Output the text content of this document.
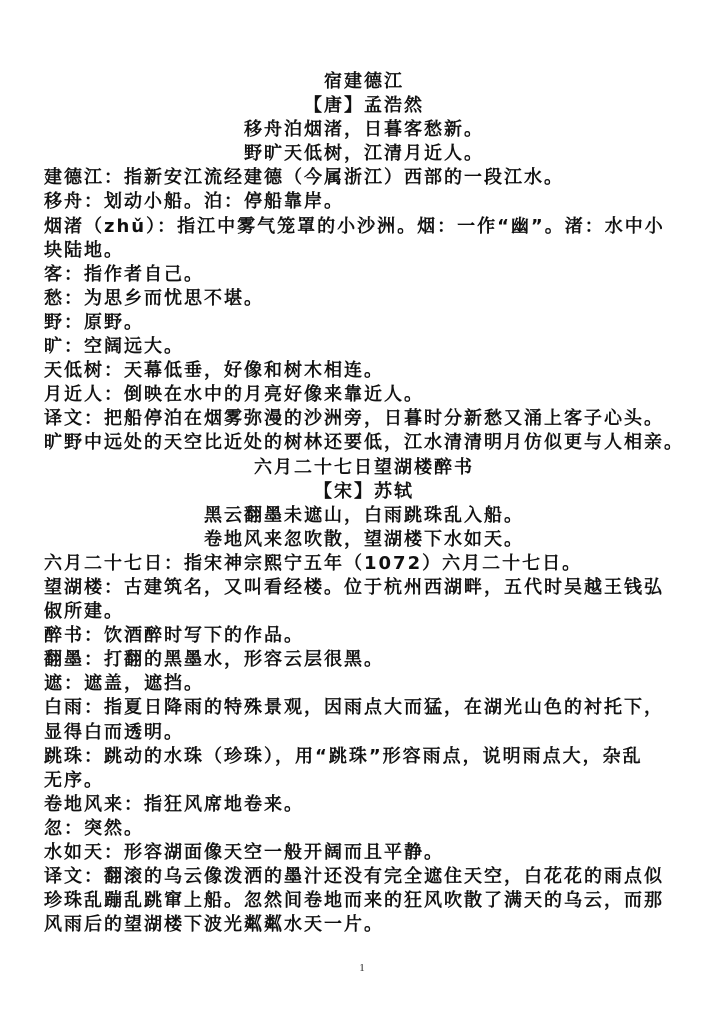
宿建德江
【唐】孟浩然
移舟泊烟渚，日暮客愁新。
野旷天低树，江清月近人。
建德江：指新安江流经建德（今属浙江）西部的一段江水。
移舟：划动小船。泊：停船靠岸。
烟渚（zhǔ）：指江中雾气笼罩的小沙洲。烟：一作“幽”。渚：水中小
块陆地。
客：指作者自己。
愁：为思乡而忧思不堪。
野：原野。
旷：空阔远大。
天低树：天幕低垂，好像和树木相连。
月近人：倒映在水中的月亮好像来靠近人。
译文：把船停泊在烟雾弥漫的沙洲旁，日暮时分新愁又涌上客子心头。
旷野中远处的天空比近处的树林还要低，江水清清明月仿似更与人相亲。
六月二十七日望湖楼醉书
【宋】苏轼
黑云翻墨未遮山，白雨跳珠乱入船。
卷地风来忽吹散，望湖楼下水如天。
六月二十七日：指宋神宗熙宁五年（1072）六月二十七日。
望湖楼：古建筑名，又叫看经楼。位于杭州西湖畔，五代时吴越王钱弘
俶所建。
醉书：饮酒醉时写下的作品。
翻墨：打翻的黑墨水，形容云层很黑。
遮：遮盖，遮挡。
白雨：指夏日降雨的特殊景观，因雨点大而猛，在湖光山色的衬托下，
显得白而透明。
跳珠：跳动的水珠（珍珠），用“跳珠”形容雨点，说明雨点大，杂乱
无序。
卷地风来：指狂风席地卷来。
忽：突然。
水如天：形容湖面像天空一般开阔而且平静。
译文：翻滚的乌云像泼洒的墨汁还没有完全遮住天空，白花花的雨点似
珍珠乱蹦乱跳窜上船。忽然间卷地而来的狂风吹散了满天的乌云，而那
风雨后的望湖楼下波光粼粼水天一片。
1
